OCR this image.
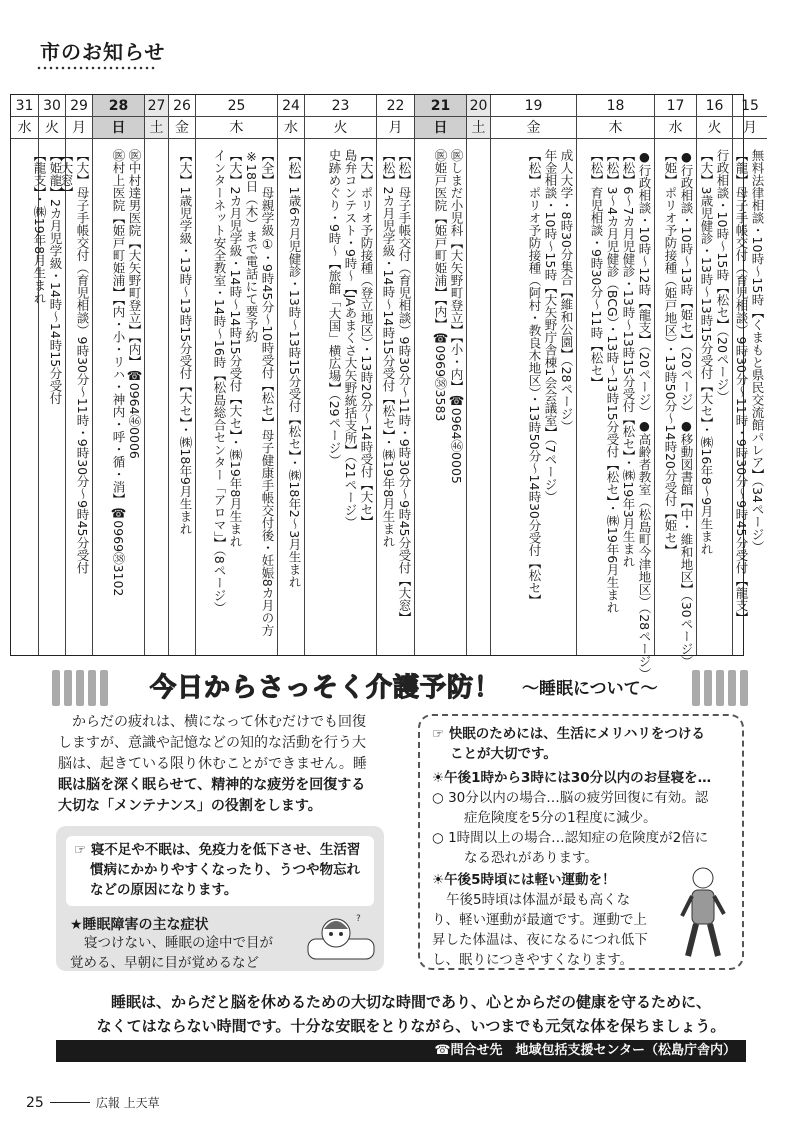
市のお知らせ
31
水
30
火
【姫龍】2カ月児学級・14時～14時15分受付
【龍支】・㈱19年8月生まれ
29
月
【大】母子手帳交付（育児相談）9時30分～11時・9時30分～9時45分受付
【大窓】
28
日
㊩中村達男医院【大矢野町登立】【内】☎0964㊻0006
㊩村上医院【姫戸町姫浦】【内・小・リハ・神内・呼・循・消】☎0969㊳3102
27
土
26
金
【大】1歳児学級・13時～13時15分受付【大セ】・㈱18年9月生まれ
25
木
【全】母親学級①・9時45分～10時受付【松セ】母子健康手帳交付後・妊娠8カ月の方
※18日（木）まで電話にて要予約
【大】2カ月児学級・14時～14時15分受付【大セ】・㈱19年8月生まれ
インターネット安全教室・14時～16時【松島総合センター「アロマ」】（8ページ）
24
水
【松】1歳6カ月児健診・13時～13時15分受付【松セ】・㈱18年2～3月生まれ
23
火
【大】ポリオ予防接種（登立地区）・13時20分～14時受付【大セ】
島弁コンテスト・9時～【JAあまくさ大矢野統括支所】（21ページ）
史跡めぐり・9時～【旅館「大国」横広場】（29ページ）
22
月
【松】母子手帳交付（育児相談）9時30分～11時・9時30分～9時45分受付【大窓】
【松】2カ月児学級・14時～14時15分受付【松セ】・㈱19年8月生まれ
21
日
㊩しまだ小児科【大矢野町登立】【小・内】☎0964㊻0005
㊩姫戸医院【姫戸町姫浦】【内】☎0969㊳3583
20
土
19
金
成人大学・8時30分集合【維和公園】（28ページ）
年金相談・10時～15時【大矢野庁舎棟1会会議室】（7ページ）
【松】ポリオ予防接種（阿村・教良木地区）・13時50分～14時30分受付【松セ】
18
木
●行政相談・10時～12時【龍支】（20ページ）●高齢者教室（松島町今津地区）（28ページ）
【松】6～7カ月児健診・13時～13時15分受付【松セ】・㈱19年3月生まれ
【松】3～4カ月児健診（BCG）・13時～13時15分受付【松セ】・㈱19年6月生まれ
【松】育児相談・9時30分～11時【松セ】
17
水
●行政相談・10時～13時【姫セ】（20ページ）●移動図書館【中・維和地区】（30ページ）
【姫】ポリオ予防接種（姫戸地区）・13時50分～14時20分受付【姫セ】
16
火
行政相談・10時～15時【松セ】（20ページ）
【大】3歳児健診・13時～13時15分受付【大セ】・㈱16年8～9月生まれ
15
月
無料法律相談・10時～15時【くまもと県民交流館パレア】（34ページ）
【龍】母子手帳交付（育児相談）9時30分～11時・9時30分～9時45分受付【龍支】
今日からさっそく介護予防！ ～睡眠について～
からだの疲れは、横になって休むだけでも回復
しますが、意識や記憶などの知的な活動を行う大
脳は、起きている限り休むことができません。睡
眠は脳を深く眠らせて、精神的な疲労を回復する
大切な「メンテナンス」の役割をします。
☞ 寝不足や不眠は、免疫力を低下させ、生活習
慣病にかかりやすくなったり、うつや物忘れ
などの原因になります。
★睡眠障害の主な症状
寝つけない、睡眠の途中で目が
覚める、早朝に目が覚めるなど
?
☞ 快眠のためには、生活にメリハリをつける
ことが大切です。
☀午後1時から3時には30分以内のお昼寝を…
○ 30分以内の場合…脳の疲労回復に有効。認
症危険度を5分の1程度に減少。
○ 1時間以上の場合…認知症の危険度が2倍に
なる恐れがあります。
☀午後5時頃には軽い運動を！
午後5時頃は体温が最も高くな
り、軽い運動が最適です。運動で上
昇した体温は、夜になるにつれ低下
し、眠りにつきやすくなります。
睡眠は、からだと脳を休めるための大切な時間であり、心とからだの健康を守るために、
なくてはならない時間です。十分な安眠をとりながら、いつまでも元気な体を保ちましょう。
☎問合せ先　地域包括支援センター（松島庁舎内）
25	広報 上天草
